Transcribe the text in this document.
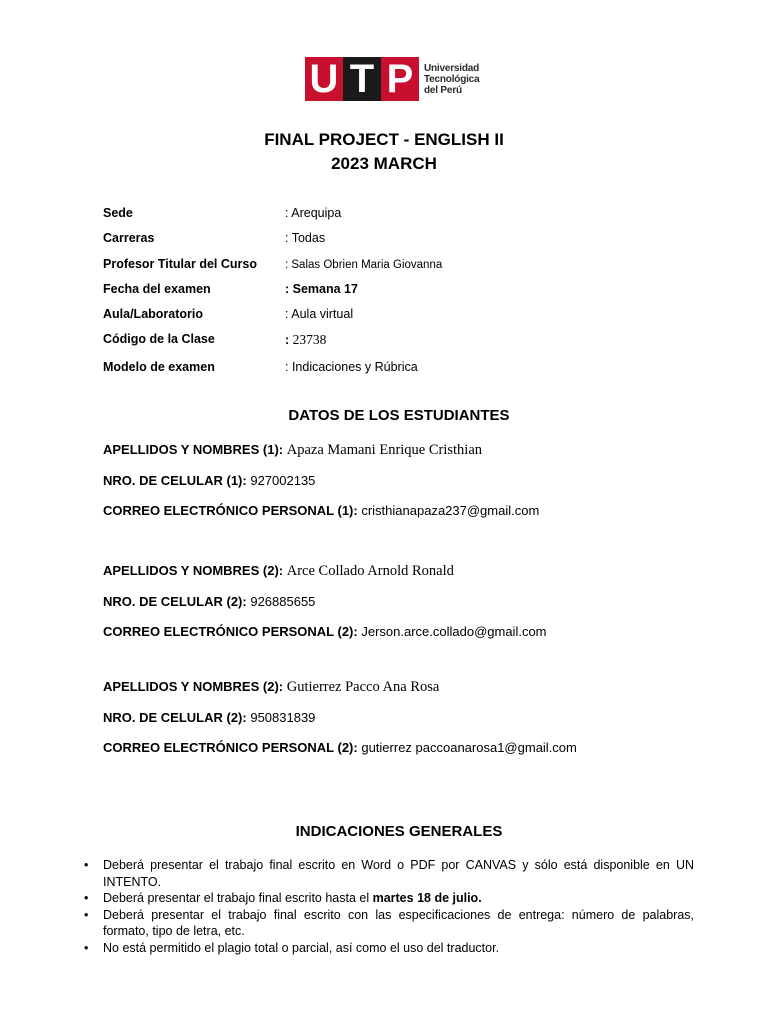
U T P	Universidad
Tecnológica
del Perú
FINAL PROJECT - ENGLISH II
2023 MARCH
Sede	: Arequipa
Carreras	: Todas
Profesor Titular del Curso : Salas Obrien Maria Giovanna
Fecha del examen	: Semana 17
Aula/Laboratorio	: Aula virtual
Código de la Clase	: 23738
Modelo de examen	: Indicaciones y Rúbrica
DATOS DE LOS ESTUDIANTES
APELLIDOS Y NOMBRES (1): Apaza Mamani Enrique Cristhian
NRO. DE CELULAR (1): 927002135
CORREO ELECTRÓNICO PERSONAL (1): cristhianapaza237@gmail.com
APELLIDOS Y NOMBRES (2): Arce Collado Arnold Ronald
NRO. DE CELULAR (2): 926885655
CORREO ELECTRÓNICO PERSONAL (2): Jerson.arce.collado@gmail.com
APELLIDOS Y NOMBRES (2): Gutierrez Pacco Ana Rosa
NRO. DE CELULAR (2): 950831839
CORREO ELECTRÓNICO PERSONAL (2): gutierrez paccoanarosa1@gmail.com
INDICACIONES GENERALES
• Deberá presentar el trabajo final escrito en Word o PDF por CANVAS y sólo está disponible en UN INTENTO.
• Deberá presentar el trabajo final escrito hasta el martes 18 de julio.
• Deberá presentar el trabajo final escrito con las especificaciones de entrega: número de palabras, formato, tipo de letra, etc.
• No está permitido el plagio total o parcial, así como el uso del traductor.
